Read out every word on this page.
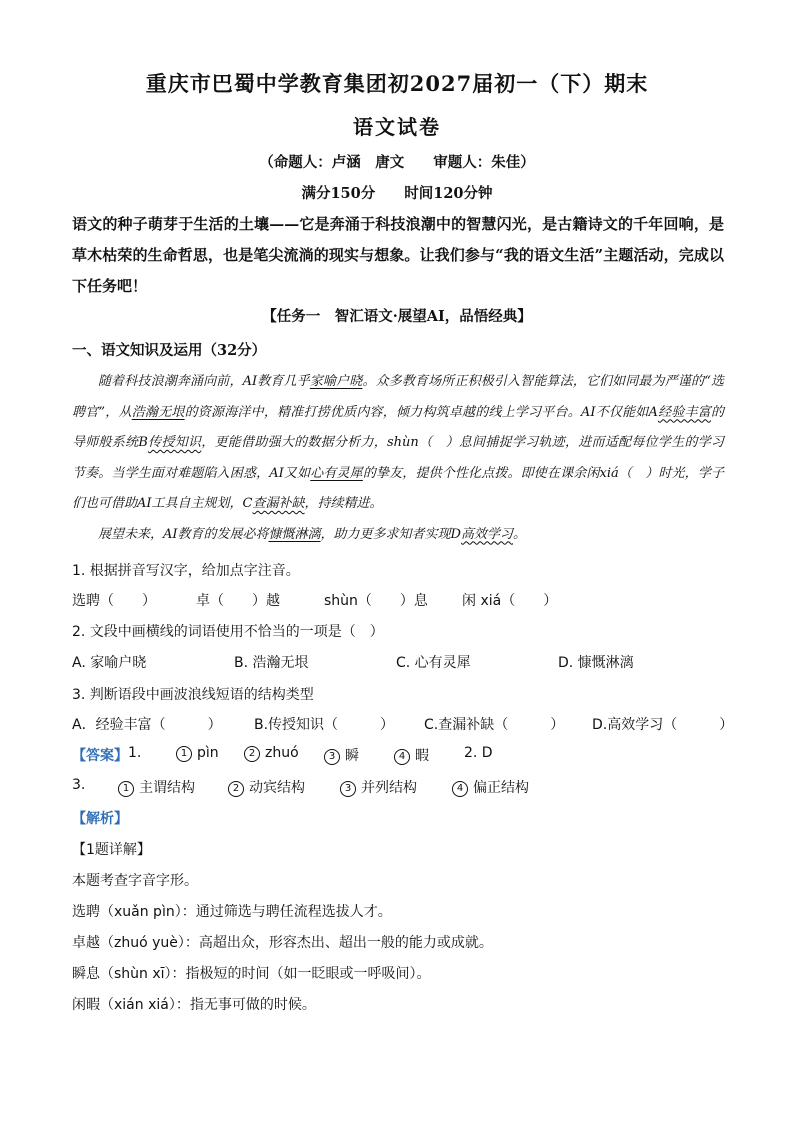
重庆市巴蜀中学教育集团初2027届初一（下）期末
语文试卷
（命题人：卢涵　唐文　　审题人：朱佳）
满分150分　　时间120分钟
语文的种子萌芽于生活的土壤——它是奔涌于科技浪潮中的智慧闪光，是古籍诗文的千年回响，是草木枯荣的生命哲思，也是笔尖流淌的现实与想象。让我们参与“我的语文生活”主题活动，完成以下任务吧！
【任务一　智汇语文·展望AI，品悟经典】
一、语文知识及运用（32分）

随着科技浪潮奔涌向前，AI教育几乎家喻户晓。众多教育场所正积极引入智能算法，它们如同最为严谨的“选聘官”，从浩瀚无垠的资源海洋中，精准打捞优质内容，倾力构筑卓越的线上学习平台。AI不仅能如A经验丰富的导师般系统B传授知识，更能借助强大的数据分析力，shùn（　）息间捕捉学习轨迹，进而适配每位学生的学习节奏。当学生面对难题陷入困惑，AI又如心有灵犀的挚友，提供个性化点拨。即使在课余闲xiá（　）时光，学子们也可借助AI工具自主规划，C查漏补缺，持续精进。

展望未来，AI教育的发展必将慷慨淋漓，助力更多求知者实现D高效学习。

1. 根据拼音写汉字，给加点字注音。
选聘（　　）	卓（　　）越	shùn（　　）息 闲 xiá（　　）
2. 文段中画横线的词语使用不恰当的一项是（　）
A. 家喻户晓	B. 浩瀚无垠	C. 心有灵犀	D. 慷慨淋漓
3. 判断语段中画波浪线短语的结构类型
A．经验丰富（　　　） B.传授知识（　　　） C.查漏补缺（　　　） D.高效学习（　　　）
【答案】 1.	1 pìn	2 zhuó	3 瞬	4 暇	2. D
3.	1 主谓结构	2 动宾结构	3 并列结构	4 偏正结构
【解析】
【1题详解】
本题考查字音字形。
选聘（xuǎn pìn）：通过筛选与聘任流程选拔人才。
卓越（zhuó yuè）：高超出众，形容杰出、超出一般的能力或成就。
瞬息（shùn xī）：指极短的时间（如一眨眼或一呼吸间）。
闲暇（xián xiá）：指无事可做的时候。
